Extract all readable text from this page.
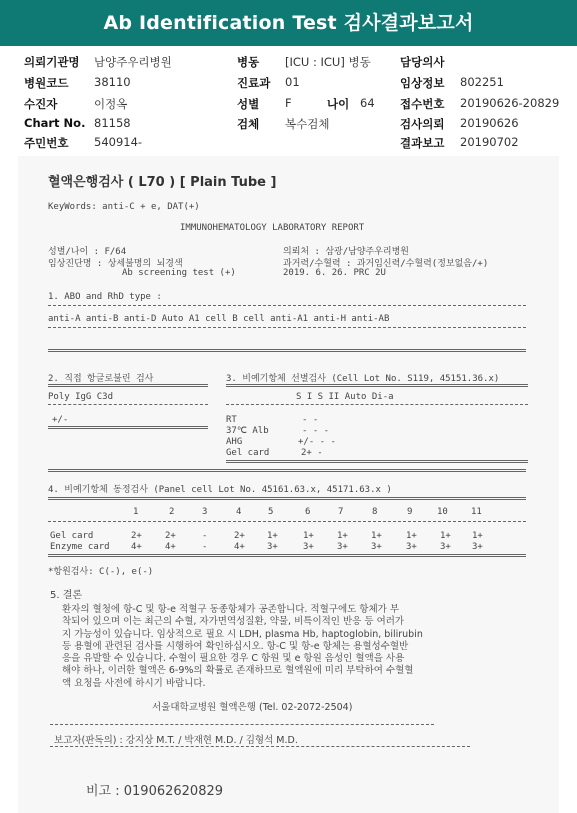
Ab Identification Test 검사결과보고서
의뢰기관명 남양주우리병원	병동 [ICU : ICU] 병동	담당의사
병원코드 38110	진료과 01	임상정보 802251
수진자	이정옥	성별 F	나이 64 접수번호 20190626-20829
Chart No. 81158	검체 복수검체	검사의뢰 20190626
주민번호 540914-	결과보고 20190702
혈액은행검사 ( L70 ) [ Plain Tube ]
KeyWords: anti-C + e, DAT(+)
IMMUNOHEMATOLOGY LABORATORY REPORT
성별/나이 : F/64
임상진단명 : 상세불명의 뇌경색
Ab screening test (+)
의뢰처 : 삼광/남양주우리병원
과거력/수혈력 : 과거임신력/수혈력(정보없음/+)
2019. 6. 26. PRC 2U
1. ABO and RhD type :
anti-A anti-B anti-D Auto A1 cell B cell anti-A1 anti-H anti-AB
2. 직접 항글로불린 검사	3. 비예기항체 선별검사 (Cell Lot No. S119, 45151.36.x)
Poly IgG C3d	S I S II Auto Di-a
+/-	RT	- -
37℃ Alb	- - -
AHG	+/- - -
Gel card	2+ -
4. 비예기항체 동정검사 (Panel cell Lot No. 45161.63.x, 45171.63.x )
1	2	3	4	5	6	7	8	9	10	11
Gel card	2+	2+	-	2+ 1+	1+	1+	1+	1+	1+ 1+
Enzyme card 4+	4+	-	4+ 3+	3+	3+	3+	3+	3+ 3+
*항원검사: C(-), e(-)
5. 결론
환자의 혈청에 항-C 및 항-e 적혈구 동종항체가 공존합니다. 적혈구에도 항체가 부
착되어 있으며 이는 최근의 수혈, 자가면역성질환, 약물, 비특이적인 반응 등 여러가
지 가능성이 있습니다. 임상적으로 필요 시 LDH, plasma Hb, haptoglobin, bilirubin
등 용혈에 관련된 검사를 시행하여 확인하십시오. 항-C 및 항-e 항체는 용혈성수혈반
응을 유발할 수 있습니다. 수혈이 필요한 경우 C 항원 및 e 항원 음성인 혈액을 사용
해야 하나, 이러한 혈액은 6-9%의 확률로 존재하므로 혈액원에 미리 부탁하여 수혈혈
액 요청을 사전에 하시기 바랍니다.
서울대학교병원 혈액은행 (Tel. 02-2072-2504)
보고자(판독의) : 강지상 M.T. / 박재현 M.D. / 김형석 M.D.
비고 : 019062620829
